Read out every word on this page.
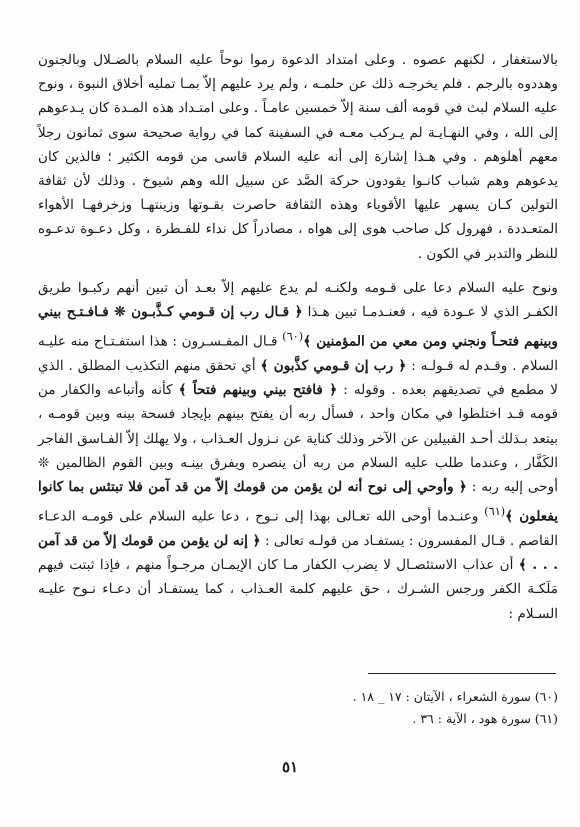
بالاستغفار ، لكنهم عصوه . وعلى امتداد الدعوة رموا نوحاً عليه السلام بالضـلال وبالجنون وهددوه بالرجم . فلم يخرجـه ذلك عن حلمـه ، ولم يرد عليهم إلاّ بمـا تمليه أخلاق النبوة ، ونوح عليه السلام لبث في قومه ألف سنة إلاّ خمسين عامـاً . وعلى امتـداد هذه المـدة كان يـدعوهم إلى الله ، وفي النهـايـة لم يـركب معـه في السفينة كما في رواية صحيحة سوى ثمانون رجلاً معهم أهلوهم . وفي هـذا إشارة إلى أنه عليه السلام قاسى من قومه الكثير ؛ فالذين كان يدعوهم وهم شباب كانـوا يقودون حركة الصَّد عن سبيل الله وهم شيوخ . وذلك لأن ثقافة التولين كـان يسهر عليها الأقوياء وهذه الثقافة حاصرت بقـوتها وزينتهـا وزخرفهـا الأهواء المتعـددة ، فهرول كل صاحب هوى إلى هواه ، مصادراً كل نداء للفـطرة ، وكل دعـوة تدعـوه للنظر والتدبر في الكون .

ونوح عليه السلام دعا على قـومه ولكنـه لم يدع عليهم إلاّ بعـد أن تبين أنهم ركبـوا طريق الكفـر الذي لا عـودة فيه ، فعنـدمـا تبين هـذا ﴿ قـال رب إن قـومي كـذَّبـون ❊ فـافـتـح بيني وبينهم فتحـاً ونجني ومن معي من المؤمنين ﴾$^{(٦٠)}$ قـال المفـسـرون : هذا استفـتـاح منه عليـه السلام . وقـدم له قـولـه : ﴿ رب إن قـومي كذَّبون ﴾ أي تحقق منهم التكذيب المطلق . الذي لا مطمع في تصديقهم بعده . وقوله : ﴿ فافتح بيني وبينهم فتحاً ﴾ كأنه وأتباعه والكفار من قومه قـد اختلطوا في مكان واحد ، فسأل ربه أن يفتح بينهم بإيجاد فسحة بينه وبين قومـه ، بيتعد بـذلك أحـد القبيلين عن الآخر وذلك كناية عن نـزول العـذاب ، ولا يهلك إلاّ الفـاسق الفاجر الكَفَّار ، وعندما طلب عليه السلام من ربه أن ينصره ويفرق بينـه وبين القوم الظالمين ❊ أوحى إليه ربه : ﴿ وأوحي إلى نوح أنه لن يؤمن من قومك إلاّ من قد آمن فلا تبتئس بما كانوا يفعلون ﴾$^{(٦١)}$ وعنـدما أوحى الله تعـالى بهذا إلى نـوح ، دعا عليه السلام على قومـه الدعـاء القاصم . قـال المفسرون : يستفـاد من قولـه تعالى : ﴿ إنه لن يؤمن من قومك إلاّ من قد آمن . . . ﴾ أن عذاب الاستئصـال لا يضرب الكفار مـا كان الإيمـان مرجـواً منهم ، فإذا ثبتت فيهم مَلَكـة الكفر ورجس الشـرك ، حق عليهم كلمة العـذاب ، كما يستفـاد أن دعـاء نـوح عليـه السـلام :

(٦٠) سورة الشعراء ، الآيتان : ١٧ _ ١٨ .
(٦١) سورة هود ، الآية : ٣٦ .
٥١
